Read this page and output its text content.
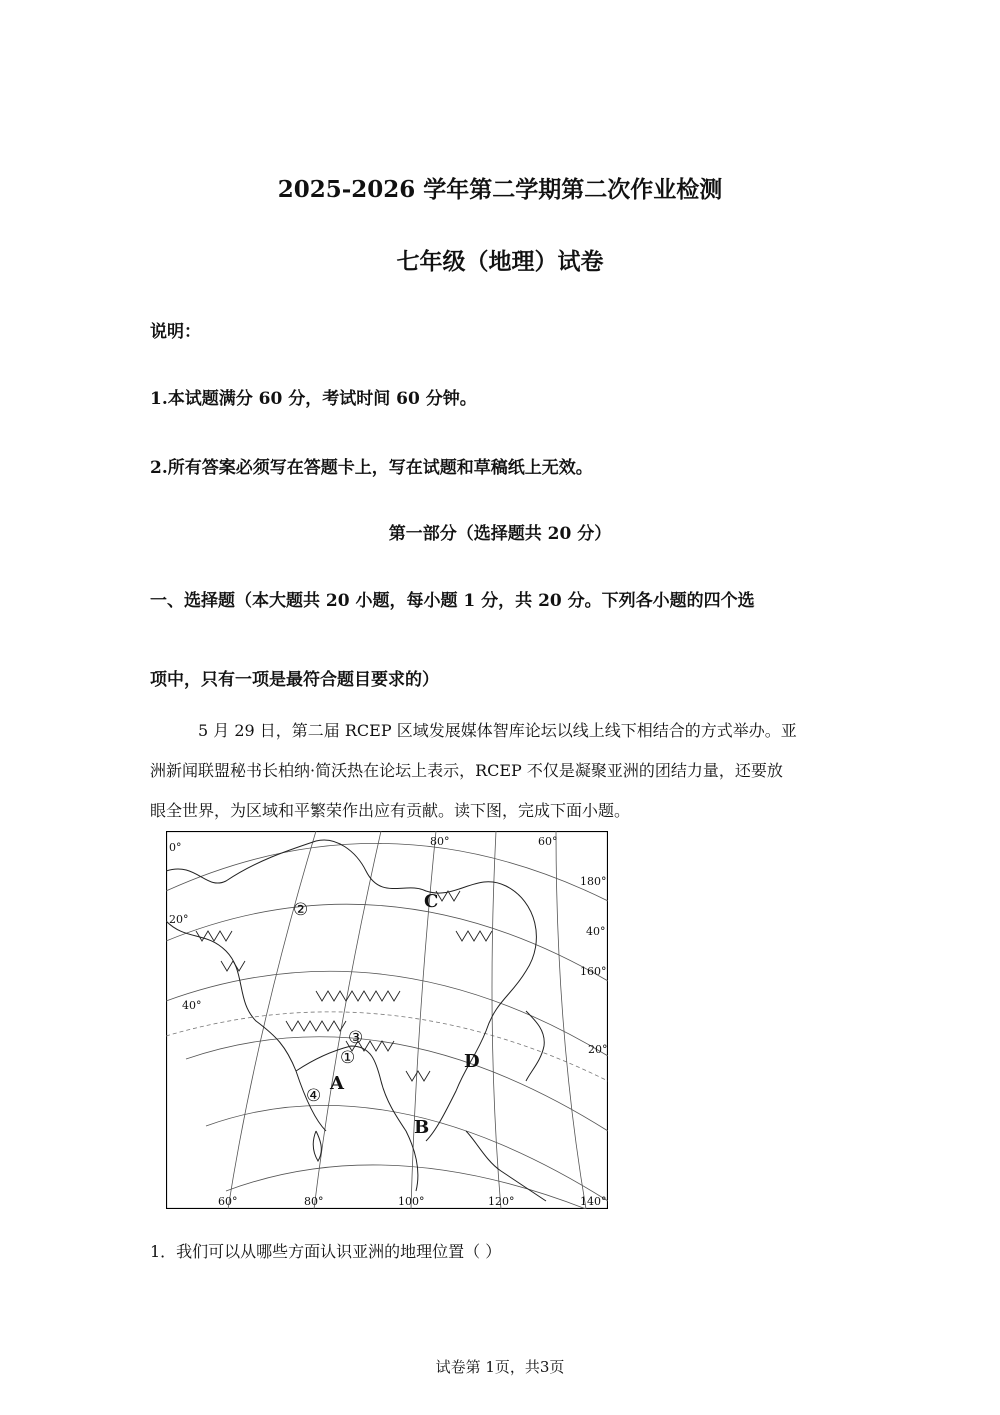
2025-2026 学年第二学期第二次作业检测
七年级（地理）试卷
说明：
1.本试题满分 60 分，考试时间 60 分钟。
2.所有答案必须写在答题卡上，写在试题和草稿纸上无效。
第一部分（选择题共 20 分）
一、选择题（本大题共 20 小题，每小题 1 分，共 20 分。下列各小题的四个选
项中，只有一项是最符合题目要求的）
5 月 29 日，第二届 RCEP 区域发展媒体智库论坛以线上线下相结合的方式举办。亚
洲新闻联盟秘书长柏纳·简沃热在论坛上表示，RCEP 不仅是凝聚亚洲的团结力量，还要放
眼全世界，为区域和平繁荣作出应有贡献。读下图，完成下面小题。
A
B
C
D
①
②
③
④
60°	80°	100°	120°	140°
180°
40°
160°
20°
0°	80°	60°
20°
40°
1．我们可以从哪些方面认识亚洲的地理位置（ ）
试卷第 1页，共3页
